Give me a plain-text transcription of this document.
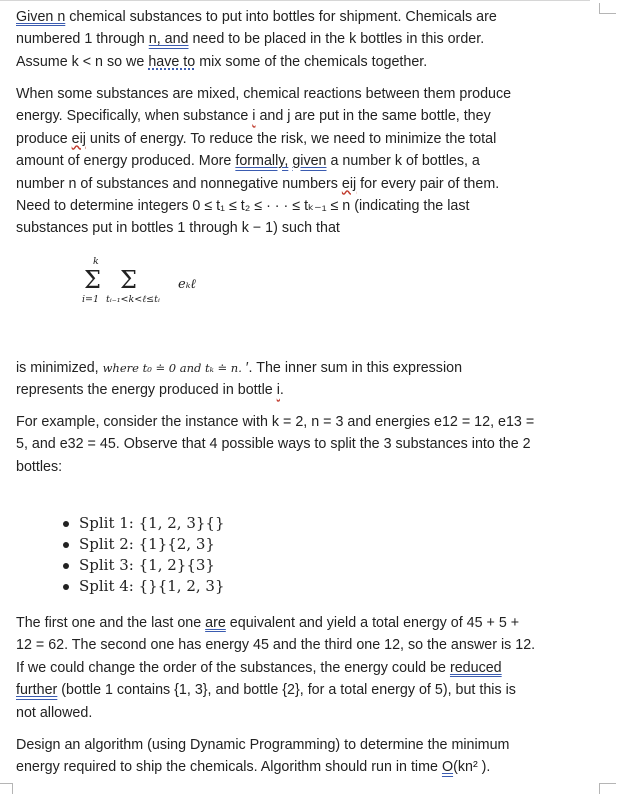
Given n chemical substances to put into bottles for shipment. Chemicals are
numbered 1 through n, and need to be placed in the k bottles in this order.
Assume k < n so we have to mix some of the chemicals together.

When some substances are mixed, chemical reactions between them produce
energy. Specifically, when substance i and j are put in the same bottle, they
produce eij units of energy. To reduce the risk, we need to minimize the total
amount of energy produced. More formally, given a number k of bottles, a
number n of substances and nonnegative numbers eij for every pair of them.
Need to determine integers 0 ≤ t₁ ≤ t₂ ≤ · · · ≤ tₖ₋₁ ≤ n (indicating the last
substances put in bottles 1 through k − 1) such that

k
Σ Σ
i=1 tᵢ₋₁<k<ℓ≤tᵢ
eₖℓ

is minimized, where t₀ ≐ 0 and tₖ ≐ n. ′. The inner sum in this expression
represents the energy produced in bottle i.

For example, consider the instance with k = 2, n = 3 and energies e12 = 12, e13 =
5, and e32 = 45. Observe that 4 possible ways to split the 3 substances into the 2
bottles:

Split 1: {1, 2, 3}{}
Split 2: {1}{2, 3}
Split 3: {1, 2}{3}
Split 4: {}{1, 2, 3}

The first one and the last one are equivalent and yield a total energy of 45 + 5 +
12 = 62. The second one has energy 45 and the third one 12, so the answer is 12.
If we could change the order of the substances, the energy could be reduced
further (bottle 1 contains {1, 3}, and bottle {2}, for a total energy of 5), but this is
not allowed.

Design an algorithm (using Dynamic Programming) to determine the minimum
energy required to ship the chemicals. Algorithm should run in time O(kn² ).
